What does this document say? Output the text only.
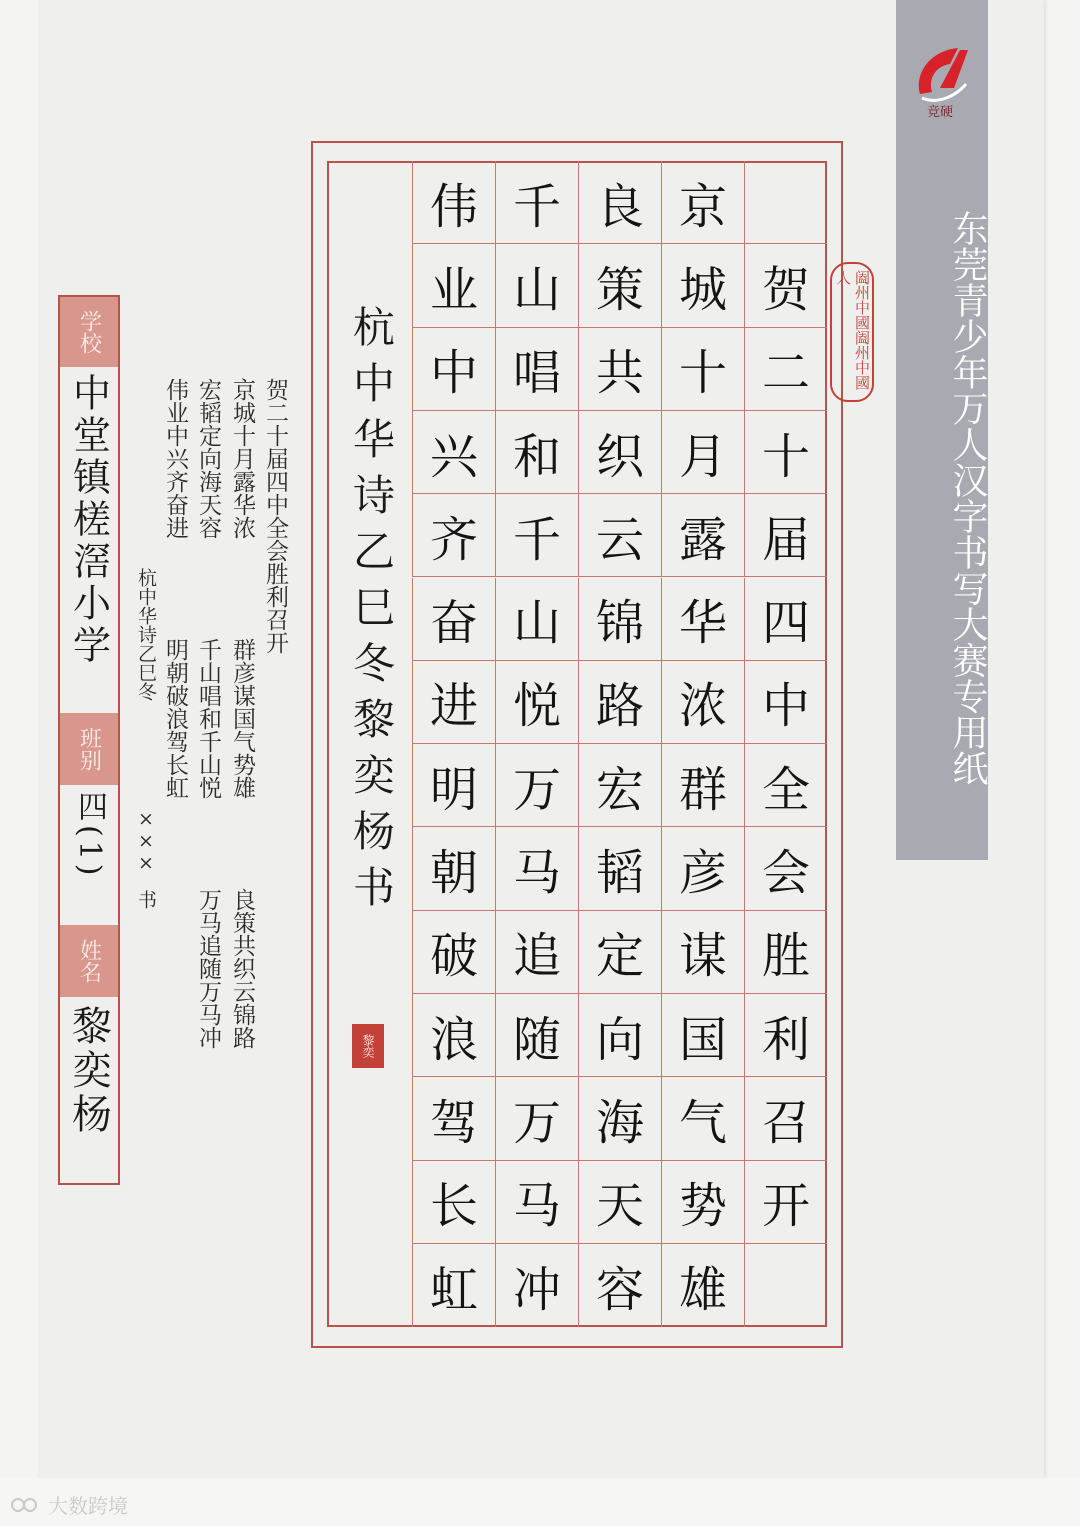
竞硬
东莞青少年万人汉字书写大赛专用纸
贺
二
十
届
四
中
全
会
胜
利
召
开
京
城
十
月
露
华
浓
群
彦
谋
国
气
势
雄
良
策
共
织
云
锦
路
宏
韬
定
向
海
天
容
千
山
唱
和
千
山
悦
万
马
追
随
万
马
冲
伟
业
中
兴
齐
奋
进
明
朝
破
浪
驾
长
虹
杭中华诗乙巳冬黎奕杨书	阖州中國阖州中國人
黎奕
学校
中堂镇槎滘小学
班别
四(1)
姓名
黎奕杨
贺二十届四中全会胜利召开
京城十月露华浓
群彦谋国气势雄
良策共织云锦路
宏韬定向海天容
千山唱和千山悦
万马追随万马冲
伟业中兴齐奋进
明朝破浪驾长虹
杭中华诗乙巳冬
×××
书
大数跨境
